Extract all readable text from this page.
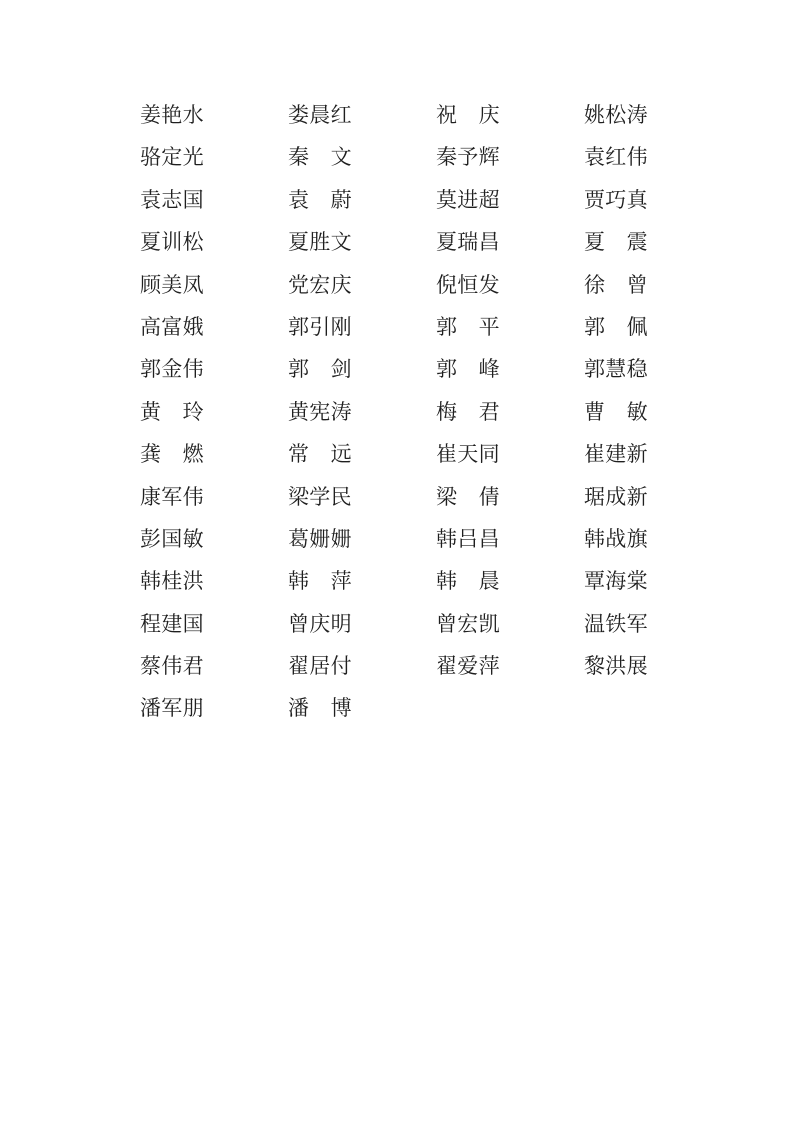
姜艳水	娄晨红	祝　庆	姚松涛
骆定光	秦　文	秦予辉	袁红伟
袁志国	袁　蔚	莫进超	贾巧真
夏训松	夏胜文	夏瑞昌	夏　震
顾美凤	党宏庆	倪恒发	徐　曾
高富娥	郭引刚	郭　平	郭　佩
郭金伟	郭　剑	郭　峰	郭慧稳
黄　玲	黄宪涛	梅　君	曹　敏
龚　燃	常　远	崔天同	崔建新
康军伟	梁学民	梁　倩	琚成新
彭国敏	葛姗姗	韩吕昌	韩战旗
韩桂洪	韩　萍	韩　晨	覃海棠
程建国	曾庆明	曾宏凯	温铁军
蔡伟君	翟居付	翟爱萍	黎洪展
潘军朋	潘　博
